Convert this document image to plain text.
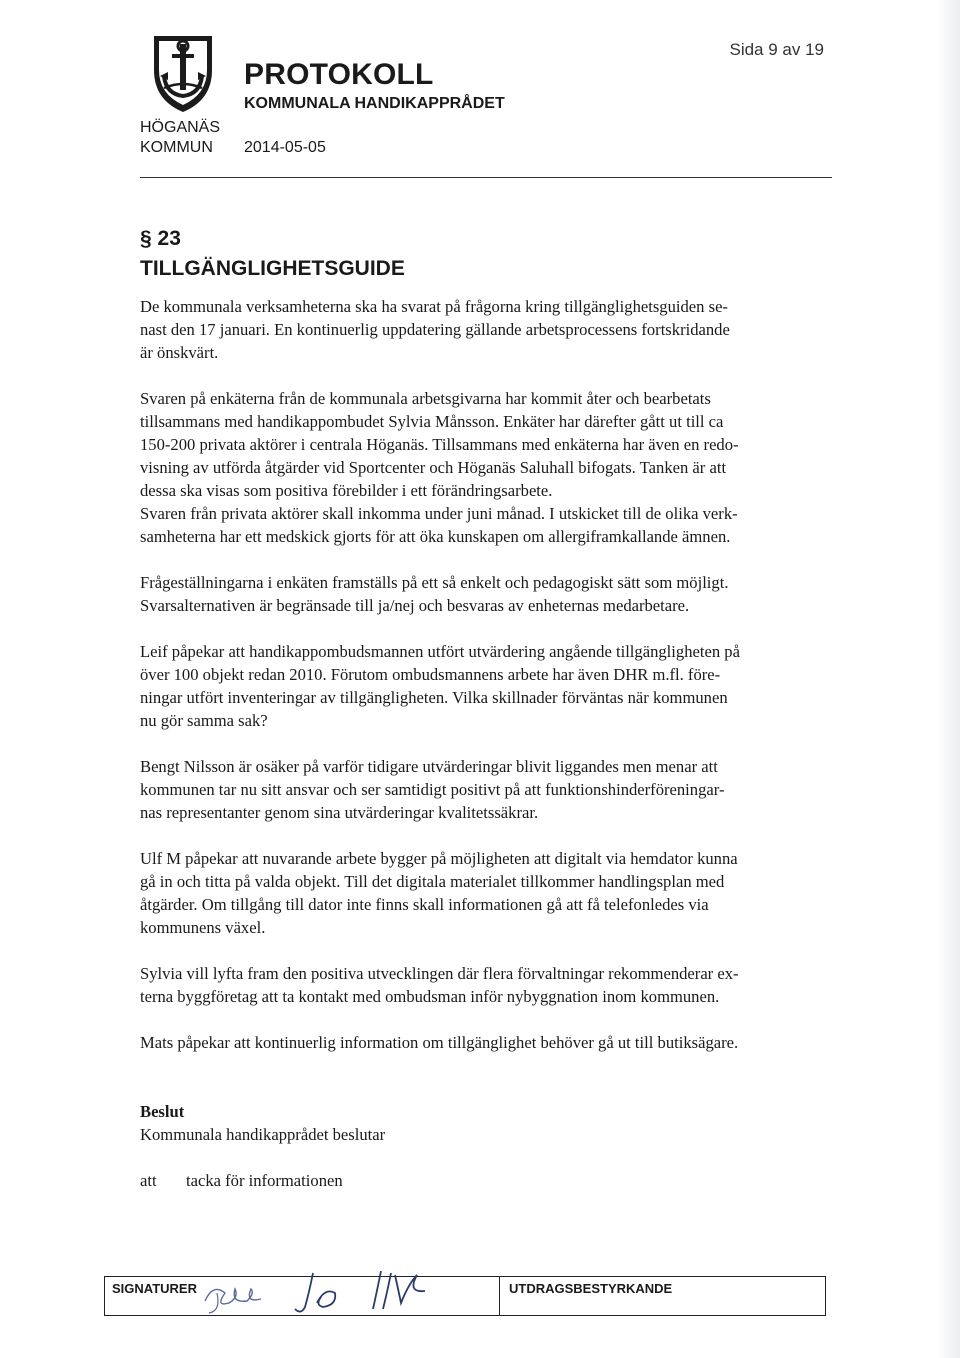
HÖGANÄS
KOMMUN
PROTOKOLL
KOMMUNALA HANDIKAPPRÅDET
2014-05-05
Sida 9 av 19
§ 23
TILLGÄNGLIGHETSGUIDE

De kommunala verksamheterna ska ha svarat på frågorna kring tillgänglighetsguiden se-
nast den 17 januari. En kontinuerlig uppdatering gällande arbetsprocessens fortskridande
är önskvärt.

Svaren på enkäterna från de kommunala arbetsgivarna har kommit åter och bearbetats
tillsammans med handikappombudet Sylvia Månsson. Enkäter har därefter gått ut till ca
150-200 privata aktörer i centrala Höganäs. Tillsammans med enkäterna har även en redo-
visning av utförda åtgärder vid Sportcenter och Höganäs Saluhall bifogats. Tanken är att
dessa ska visas som positiva förebilder i ett förändringsarbete.
Svaren från privata aktörer skall inkomma under juni månad. I utskicket till de olika verk-
samheterna har ett medskick gjorts för att öka kunskapen om allergiframkallande ämnen.

Frågeställningarna i enkäten framställs på ett så enkelt och pedagogiskt sätt som möjligt.
Svarsalternativen är begränsade till ja/nej och besvaras av enheternas medarbetare.

Leif påpekar att handikappombudsmannen utfört utvärdering angående tillgängligheten på
över 100 objekt redan 2010. Förutom ombudsmannens arbete har även DHR m.fl. före-
ningar utfört inventeringar av tillgängligheten. Vilka skillnader förväntas när kommunen
nu gör samma sak?

Bengt Nilsson är osäker på varför tidigare utvärderingar blivit liggandes men menar att
kommunen tar nu sitt ansvar och ser samtidigt positivt på att funktionshinderföreningar-
nas representanter genom sina utvärderingar kvalitetssäkrar.

Ulf M påpekar att nuvarande arbete bygger på möjligheten att digitalt via hemdator kunna
gå in och titta på valda objekt. Till det digitala materialet tillkommer handlingsplan med
åtgärder. Om tillgång till dator inte finns skall informationen gå att få telefonledes via
kommunens växel.

Sylvia vill lyfta fram den positiva utvecklingen där flera förvaltningar rekommenderar ex-
terna byggföretag att ta kontakt med ombudsman inför nybyggnation inom kommunen.

Mats påpekar att kontinuerlig information om tillgänglighet behöver gå ut till butiksägare.

Beslut
Kommunala handikapprådet beslutar

att tacka för informationen

SIGNATURER	UTDRAGSBESTYRKANDE
